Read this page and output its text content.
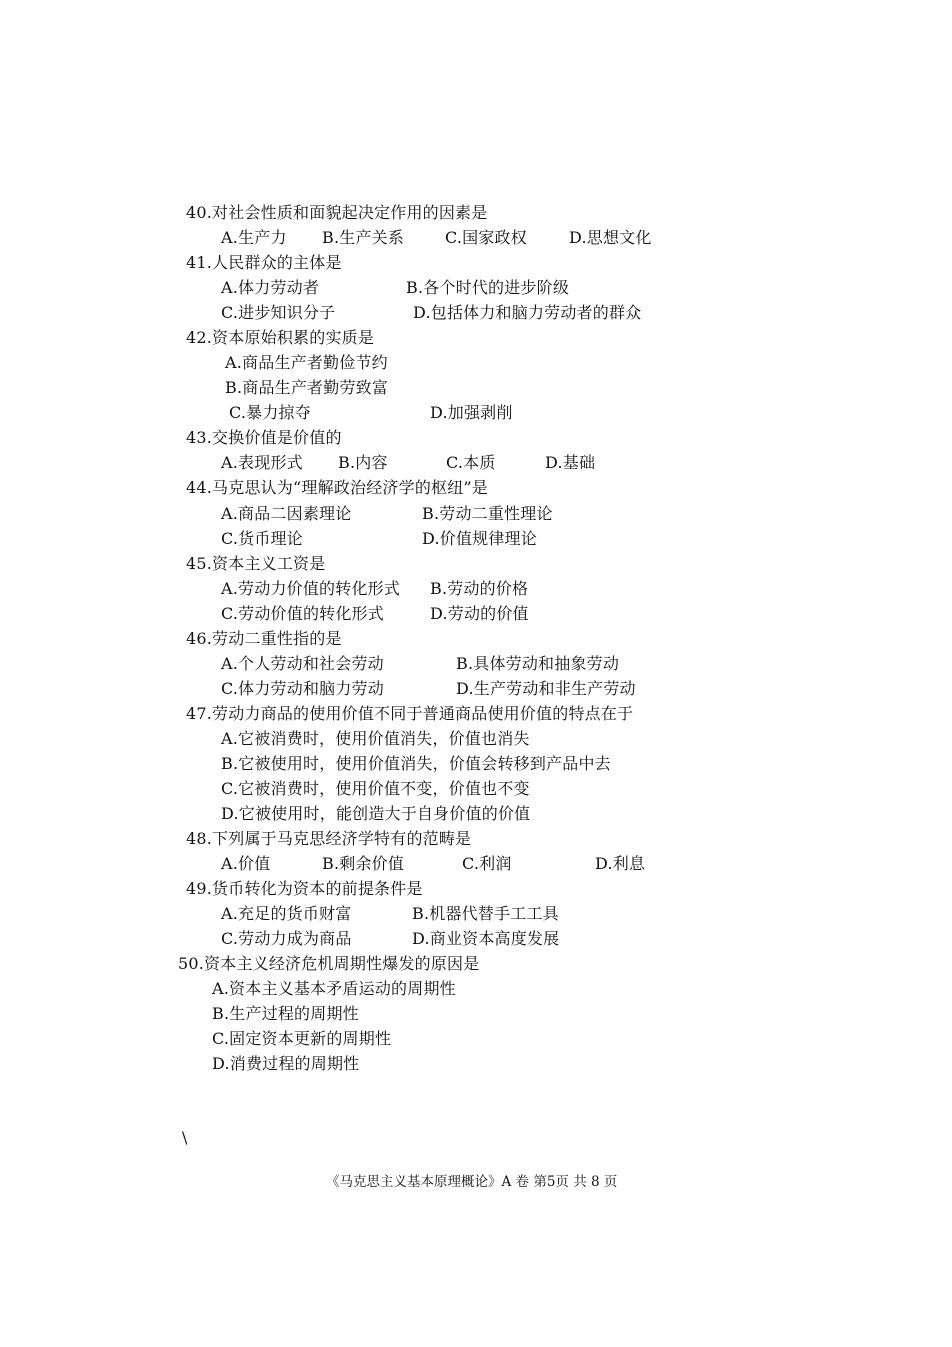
40.对社会性质和面貌起决定作用的因素是
A.生产力 B.生产关系	C.国家政权	D.思想文化
41.人民群众的主体是
A.体力劳动者	B.各个时代的进步阶级
C.进步知识分子	D.包括体力和脑力劳动者的群众
42.资本原始积累的实质是
A.商品生产者勤俭节约
B.商品生产者勤劳致富
C.暴力掠夺	D.加强剥削
43.交换价值是价值的
A.表现形式 B.内容	C.本质	D.基础
44.马克思认为“理解政治经济学的枢纽”是
A.商品二因素理论	B.劳动二重性理论
C.货币理论	D.价值规律理论
45.资本主义工资是
A.劳动力价值的转化形式 B.劳动的价格
C.劳动价值的转化形式	D.劳动的价值
46.劳动二重性指的是
A.个人劳动和社会劳动	B.具体劳动和抽象劳动
C.体力劳动和脑力劳动	D.生产劳动和非生产劳动
47.劳动力商品的使用价值不同于普通商品使用价值的特点在于
A.它被消费时，使用价值消失，价值也消失
B.它被使用时，使用价值消失，价值会转移到产品中去
C.它被消费时，使用价值不变，价值也不变
D.它被使用时，能创造大于自身价值的价值
48.下列属于马克思经济学特有的范畴是
A.价值	B.剩余价值	C.利润	D.利息
49.货币转化为资本的前提条件是
A.充足的货币财富	B.机器代替手工工具
C.劳动力成为商品	D.商业资本高度发展
50.资本主义经济危机周期性爆发的原因是
A.资本主义基本矛盾运动的周期性
B.生产过程的周期性
C.固定资本更新的周期性
D.消费过程的周期性
\
《马克思主义基本原理概论》A 卷 第5页 共 8 页
